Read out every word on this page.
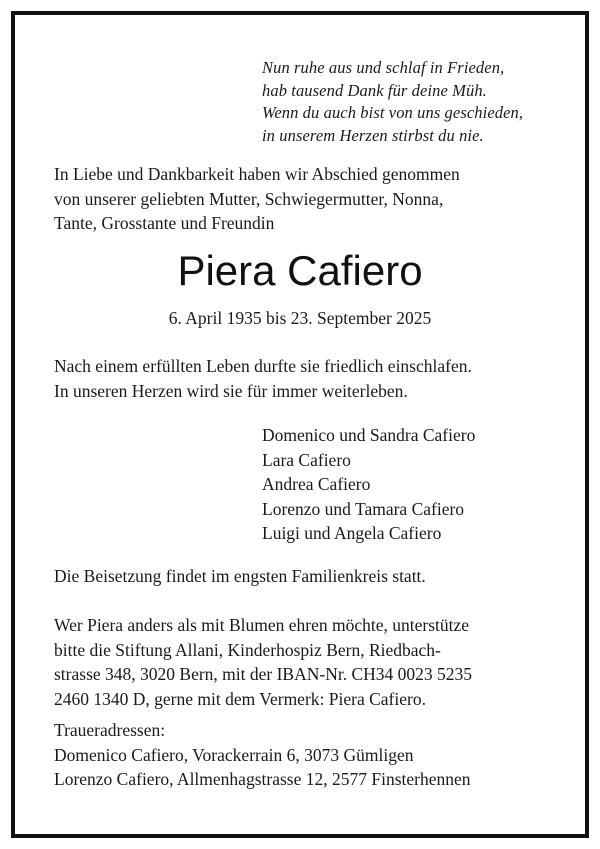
Nun ruhe aus und schlaf in Frieden,
hab tausend Dank für deine Müh.
Wenn du auch bist von uns geschieden,
in unserem Herzen stirbst du nie.
In Liebe und Dankbarkeit haben wir Abschied genommen
von unserer geliebten Mutter, Schwiegermutter, Nonna,
Tante, Grosstante und Freundin
Piera Cafiero
6. April 1935 bis 23. September 2025
Nach einem erfüllten Leben durfte sie friedlich einschlafen.
In unseren Herzen wird sie für immer weiterleben.
Domenico und Sandra Cafiero
Lara Cafiero
Andrea Cafiero
Lorenzo und Tamara Cafiero
Luigi und Angela Cafiero
Die Beisetzung findet im engsten Familienkreis statt.
Wer Piera anders als mit Blumen ehren möchte, unterstütze
bitte die Stiftung Allani, Kinderhospiz Bern, Riedbach-
strasse 348, 3020 Bern, mit der IBAN-Nr. CH34 0023 5235
2460 1340 D, gerne mit dem Vermerk: Piera Cafiero.
Traueradressen:
Domenico Cafiero, Vorackerrain 6, 3073 Gümligen
Lorenzo Cafiero, Allmenhagstrasse 12, 2577 Finsterhennen
